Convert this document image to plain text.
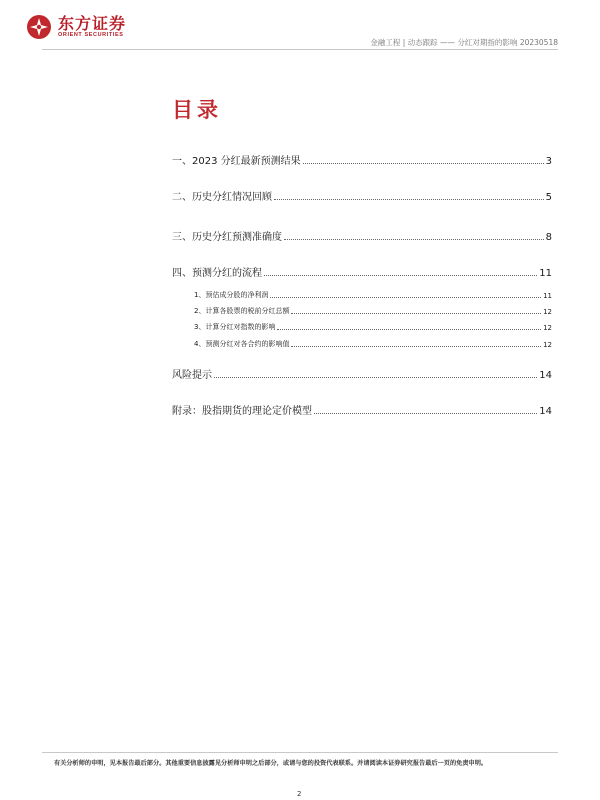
东方证券
ORIENT SECURITIES
金融工程 | 动态跟踪 —— 分红对期指的影响 20230518
目录
一、2023 分红最新预测结果	3
二、历史分红情况回顾	5
三、历史分红预测准确度	8
四、预测分红的流程	11
1、预估成分股的净利润	11
2、计算各股票的税前分红总额	12
3、计算分红对指数的影响	12
4、预测分红对各合约的影响值	12
风险提示	14
附录：股指期货的理论定价模型	14
有关分析师的申明，见本报告最后部分。其他重要信息披露见分析师申明之后部分，或请与您的投资代表联系。并请阅读本证券研究报告最后一页的免责申明。
2
